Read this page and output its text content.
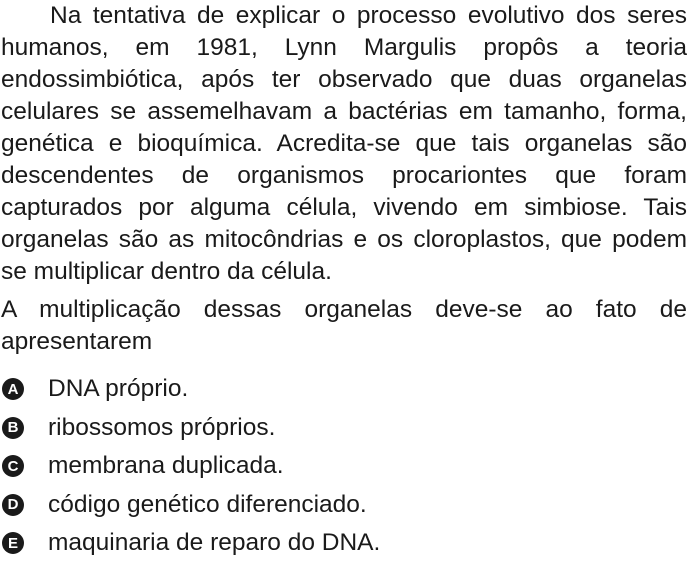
Na tentativa de explicar o processo evolutivo dos seres humanos, em 1981, Lynn Margulis propôs a teoria endossimbiótica, após ter observado que duas organelas celulares se assemelhavam a bactérias em tamanho, forma, genética e bioquímica. Acredita-se que tais organelas são descendentes de organismos procariontes que foram capturados por alguma célula, vivendo em simbiose. Tais organelas são as mitocôndrias e os cloroplastos, que podem se multiplicar dentro da célula.

A multiplicação dessas organelas deve-se ao fato de apresentarem

A DNA próprio.
B ribossomos próprios.
C membrana duplicada.
D código genético diferenciado.
E maquinaria de reparo do DNA.
